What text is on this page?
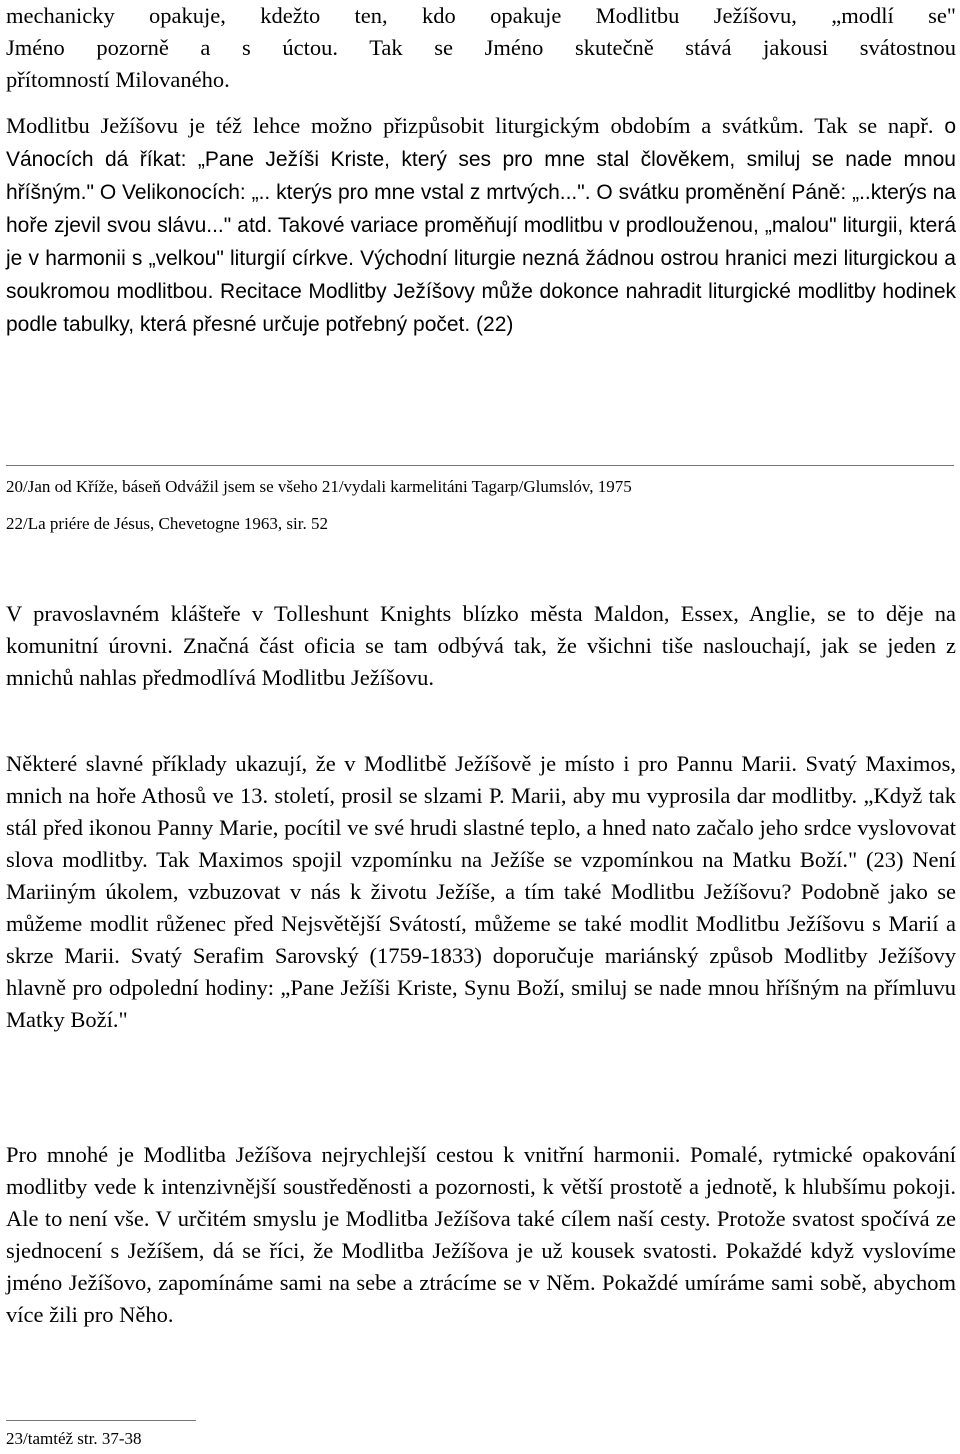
mechanicky opakuje, kdežto ten, kdo opakuje Modlitbu Ježíšovu, „modlí se"
Jméno pozorně a s úctou. Tak se Jméno skutečně stává jakousi svátostnou
přítomností Milovaného.

Modlitbu Ježíšovu je též lehce možno přizpůsobit liturgickým obdobím a svátkům. Tak se např. o Vánocích dá říkat: „Pane Ježíši Kriste, který ses pro mne stal člověkem, smiluj se nade mnou hříšným." O Velikonocích: „.. kterýs pro mne vstal z mrtvých...". O svátku proměnění Páně: „..kterýs na hoře zjevil svou slávu..." atd. Takové variace proměňují modlitbu v prodlouženou, „malou" liturgii, která je v harmonii s „velkou" liturgií církve. Východní liturgie nezná žádnou ostrou hranici mezi liturgickou a soukromou modlitbou. Recitace Modlitby Ježíšovy může dokonce nahradit liturgické modlitby hodinek podle tabulky, která přesné určuje potřebný počet. (22)

20/Jan od Kříže, báseň Odvážil jsem se všeho 21/vydali karmelitáni Tagarp/Glumslóv, 1975

22/La priére de Jésus, Chevetogne 1963, sir. 52

V pravoslavném klášteře v Tolleshunt Knights blízko města Maldon, Essex, Anglie, se to děje na komunitní úrovni. Značná část oficia se tam odbývá tak, že všichni tiše naslouchají, jak se jeden z mnichů nahlas předmodlívá Modlitbu Ježíšovu.

Některé slavné příklady ukazují, že v Modlitbě Ježíšově je místo i pro Pannu Marii. Svatý Maximos, mnich na hoře Athosů ve 13. století, prosil se slzami P. Marii, aby mu vyprosila dar modlitby. „Když tak stál před ikonou Panny Marie, pocítil ve své hrudi slastné teplo, a hned nato začalo jeho srdce vyslovovat slova modlitby. Tak Maximos spojil vzpomínku na Ježíše se vzpomínkou na Matku Boží." (23) Není Mariiným úkolem, vzbuzovat v nás k životu Ježíše, a tím také Modlitbu Ježíšovu? Podobně jako se můžeme modlit růženec před Nejsvětější Svátostí, můžeme se také modlit Modlitbu Ježíšovu s Marií a skrze Marii. Svatý Serafim Sarovský (1759-1833) doporučuje mariánský způsob Modlitby Ježíšovy hlavně pro odpolední hodiny: „Pane Ježíši Kriste, Synu Boží, smiluj se nade mnou hříšným na přímluvu Matky Boží."

Pro mnohé je Modlitba Ježíšova nejrychlejší cestou k vnitřní harmonii. Pomalé, rytmické opakování modlitby vede k intenzivnější soustředěnosti a pozornosti, k větší prostotě a jednotě, k hlubšímu pokoji. Ale to není vše. V určitém smyslu je Modlitba Ježíšova také cílem naší cesty. Protože svatost spočívá ze sjednocení s Ježíšem, dá se říci, že Modlitba Ježíšova je už kousek svatosti. Pokaždé když vyslovíme jméno Ježíšovo, zapomínáme sami na sebe a ztrácíme se v Něm. Pokaždé umíráme sami sobě, abychom více žili pro Něho.

23/tamtéž str. 37-38
